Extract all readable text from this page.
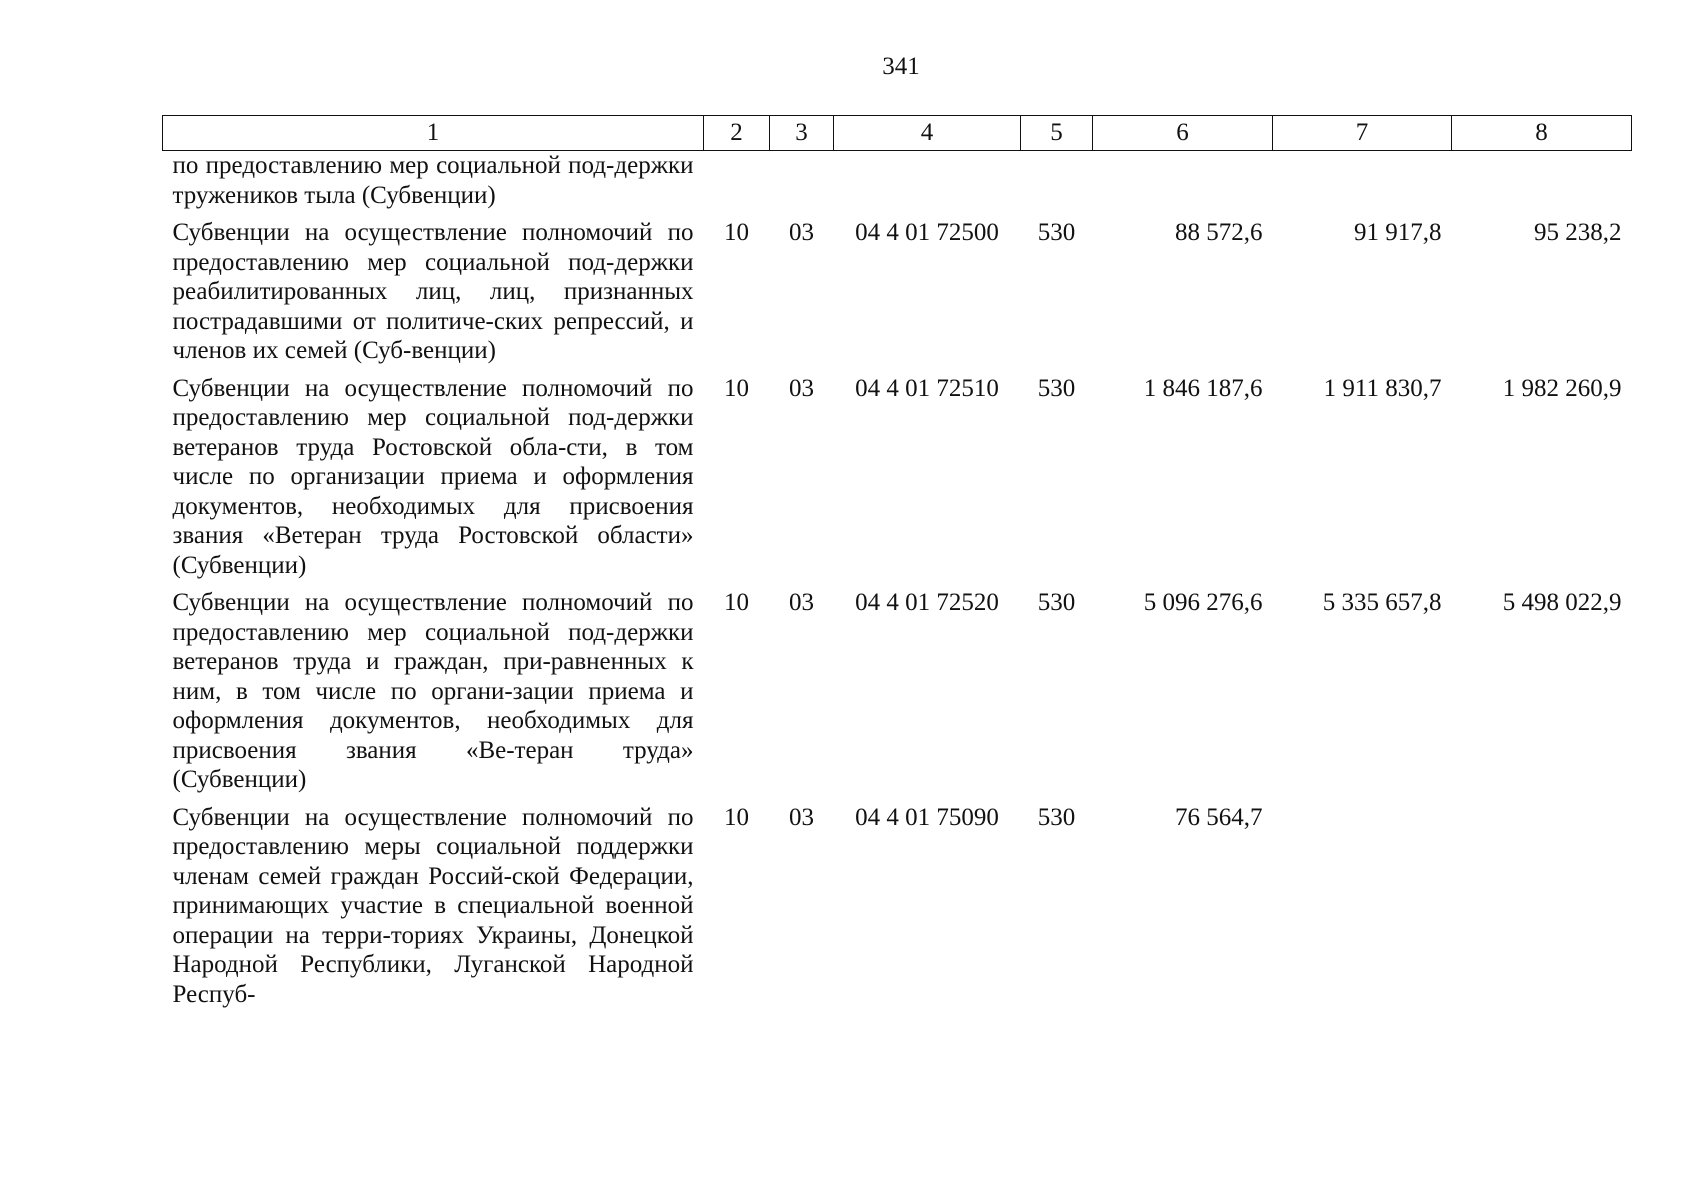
341
1	2	3	4	5	6	7	8
по предоставлению мер социальной под-держки тружеников тыла (Субвенции)							
Субвенции на осуществление полномочий по предоставлению мер социальной под-держки реабилитированных лиц, лиц, признанных пострадавшими от политиче-ских репрессий, и членов их семей (Суб-венции)	10	03	04 4 01 72500	530	88 572,6	91 917,8	95 238,2
Субвенции на осуществление полномочий по предоставлению мер социальной под-держки ветеранов труда Ростовской обла-сти, в том числе по организации приема и оформления документов, необходимых для присвоения звания «Ветеран труда Ростовской области» (Субвенции)	10	03	04 4 01 72510	530	1 846 187,6	1 911 830,7	1 982 260,9
Субвенции на осуществление полномочий по предоставлению мер социальной под-держки ветеранов труда и граждан, при-равненных к ним, в том числе по органи-зации приема и оформления документов, необходимых для присвоения звания «Ве-теран труда» (Субвенции)	10	03	04 4 01 72520	530	5 096 276,6	5 335 657,8	5 498 022,9
Субвенции на осуществление полномочий по предоставлению меры социальной поддержки членам семей граждан Россий-ской Федерации, принимающих участие в специальной военной операции на терри-ториях Украины, Донецкой Народной Республики, Луганской Народной Респуб-	10	03	04 4 01 75090	530	76 564,7		
